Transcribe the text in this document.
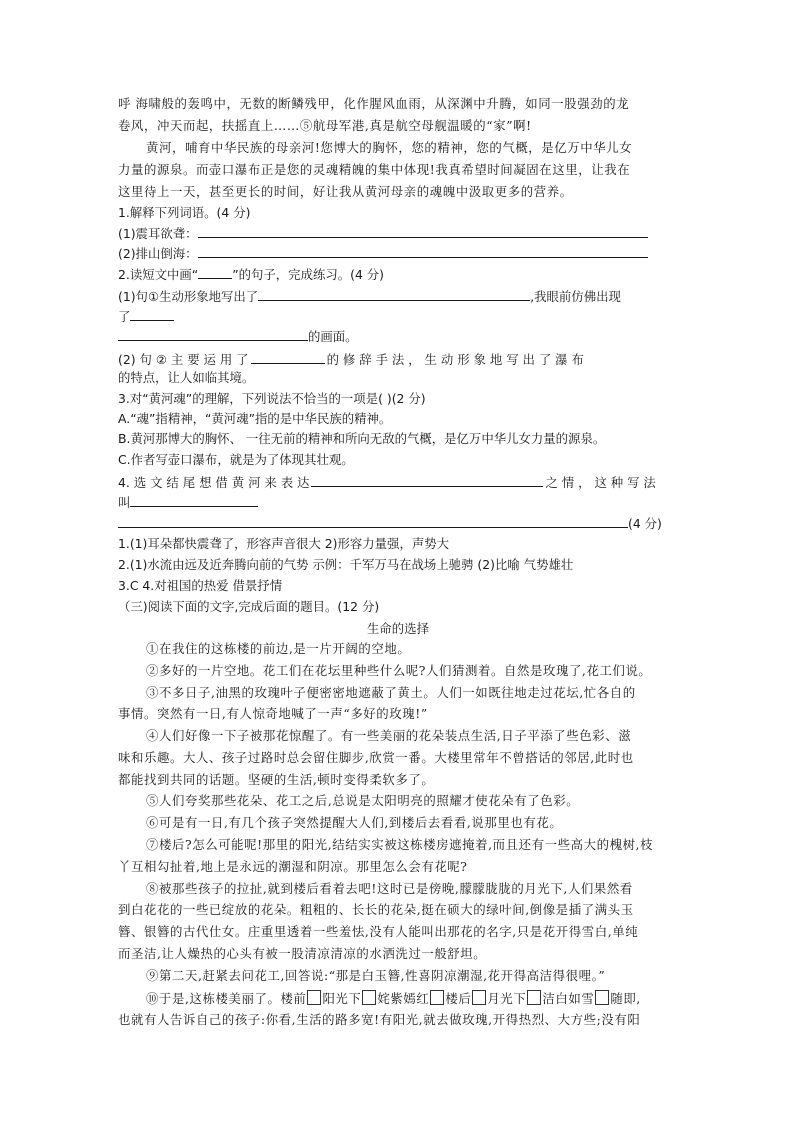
呼 海啸般的轰鸣中，无数的断鳞残甲，化作腥风血雨，从深渊中升腾，如同一股强劲的龙
卷风，冲天而起，扶摇直上……⑤航母军港,真是航空母舰温暖的“家”啊!
黄河，哺育中华民族的母亲河!您博大的胸怀，您的精神，您的气概，是亿万中华儿女
力量的源泉。而壶口瀑布正是您的灵魂精魄的集中体现!我真希望时间凝固在这里，让我在
这里待上一天，甚至更长的时间，好让我从黄河母亲的魂魄中汲取更多的营养。
1.解释下列词语。(4 分)
(1)震耳欲聋：
(2)排山倒海：
2.读短文中画“	”的句子，完成练习。(4 分)
(1)句①生动形象地写出了	,我眼前仿佛出现
了
的画面。
(2) 句 ② 主 要 运 用 了	的 修 辞 手 法 ， 生 动 形 象 地 写 出 了 瀑 布
的特点，让人如临其境。
3.对“黄河魂”的理解，下列说法不恰当的一项是( )(2 分)
A.“魂”指精神，“黄河魂”指的是中华民族的精神。
B.黄河那博大的胸怀、 一往无前的精神和所向无敌的气概，是亿万中华儿女力量的源泉。
C.作者写壶口瀑布，就是为了体现其壮观。
4. 选 文 结 尾 想 借 黄 河 来 表 达	之 情 ， 这 种 写 法
叫
(4 分)
1.(1)耳朵都快震聋了，形容声音很大 2)形容力量强，声势大
2.(1)水流由远及近奔腾向前的气势 示例：千军万马在战场上驰骋 (2)比喻 气势雄壮
3.C 4.对祖国的热爱 借景抒情
（三)阅读下面的文字,完成后面的题目。(12 分)
生命的选择
①在我住的这栋楼的前边,是一片开阔的空地。
②多好的一片空地。花工们在花坛里种些什么呢?人们猜测着。自然是玫瑰了,花工们说。
③不多日子,油黑的玫瑰叶子便密密地遮蔽了黄土。人们一如既往地走过花坛,忙各自的
事情。突然有一日,有人惊奇地喊了一声“多好的玫瑰!”
④人们好像一下子被那花惊醒了。有一些美丽的花朵装点生活,日子平添了些色彩、滋
味和乐趣。大人、孩子过路时总会留住脚步,欣赏一番。大楼里常年不曾搭话的邻居,此时也
都能找到共同的话题。坚硬的生活,顿时变得柔软多了。
⑤人们夸奖那些花朵、花工之后,总说是太阳明亮的照耀才使花朵有了色彩。
⑥可是有一日,有几个孩子突然提醒大人们,到楼后去看看,说那里也有花。
⑦楼后?怎么可能呢!那里的阳光,结结实实被这栋楼房遮掩着,而且还有一些高大的槐树,枝
丫互相勾扯着,地上是永远的潮湿和阴凉。那里怎么会有花呢?
⑧被那些孩子的拉扯,就到楼后看着去吧!这时已是傍晚,朦朦胧胧的月光下,人们果然看
到白花花的一些已绽放的花朵。粗粗的、长长的花朵,挺在硕大的绿叶间,倒像是插了满头玉
簪、银簪的古代仕女。庄重里透着一些羞怯,没有人能叫出那花的名字,只是花开得雪白,单纯
而圣洁,让人燥热的心头有被一股清凉清凉的水洒洗过一般舒坦。
⑨第二天,赶紧去问花工,回答说:“那是白玉簪,性喜阴凉潮湿,花开得高洁得很哩。”
⑩于是,这栋楼美丽了。楼前 阳光下 姹紫嫣红 楼后 月光下 洁白如雪 随即,
也就有人告诉自己的孩子:你看,生活的路多宽!有阳光,就去做玫瑰,开得热烈、大方些;没有阳
